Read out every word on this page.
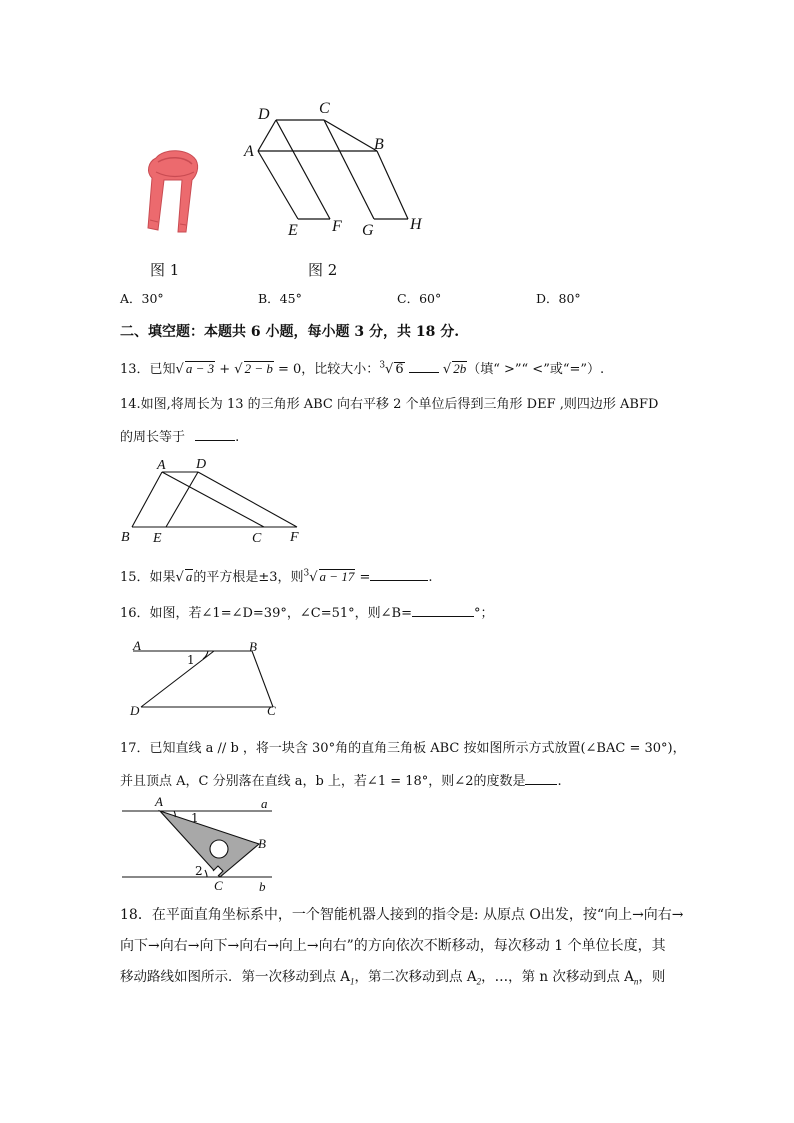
D	C
A	B
E F G H
图 1	图 2
A．30°	B．45°	C．60°	D．80°
二、填空题：本题共 6 小题，每小题 3 分，共 18 分.
13．已知√ a − 3 + √ 2 − b = 0，比较大小：$^3$√ 6	√ 2b（填“ >”“ <”或“=”）.
14.如图,将周长为 13 的三角形 ABC 向右平移 2 个单位后得到三角形 DEF ,则四边形 ABFD
的周长等于	.
A D
B E	C F
15．如果√ a的平方根是±3，则$^3$√ a − 17 =	.
16．如图，若∠1=∠D=39°，∠C=51°，则∠B=	°；
A	B
1
D	C
17．已知直线 a // b ，将一块含 30°角的直角三角板 ABC 按如图所示方式放置(∠BAC = 30°)，
并且顶点 A，C 分别落在直线 a，b 上，若∠1 = 18°，则∠2的度数是 .
A	a
1
B
2
C	b
18．在平面直角坐标系中，一个智能机器人接到的指令是: 从原点 O出发，按“向上→向右→
向下→向右→向下→向右→向上→向右”的方向依次不断移动，每次移动 1 个单位长度，其
移动路线如图所示．第一次移动到点 $A_1$，第二次移动到点 $A_2$，…，第 n 次移动到点 $A_n$，则
